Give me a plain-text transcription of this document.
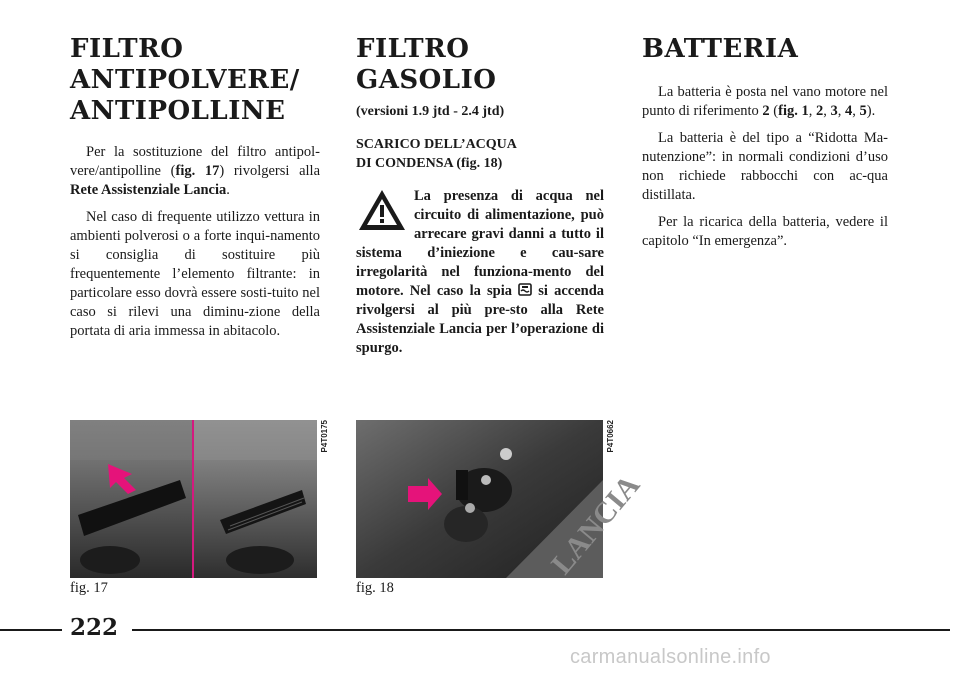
FILTRO
ANTIPOLVERE/
ANTIPOLLINE

Per la sostituzione del filtro antipol-vere/antipolline (fig. 17) rivolgersi alla Rete Assistenziale Lancia.

Nel caso di frequente utilizzo vettura in ambienti polverosi o a forte inqui-namento si consiglia di sostituire più frequentemente l’elemento filtrante: in particolare esso dovrà essere sosti-tuito nel caso si rilevi una diminu-zione della portata di aria immessa in abitacolo.

FILTRO GASOLIO

(versioni 1.9 jtd - 2.4 jtd)

SCARICO DELL’ACQUA
DI CONDENSA (fig. 18)

La presenza di acqua nel circuito di alimentazione, può arrecare gravi danni a tutto il sistema d’iniezione e cau-sare irregolarità nel funziona-mento del motore. Nel caso la spia si accenda rivolgersi al più pre-sto alla Rete Assistenziale Lancia per l’operazione di spurgo.

BATTERIA

La batteria è posta nel vano motore nel punto di riferimento 2 (fig. 1, 2, 3, 4, 5).

La batteria è del tipo a “Ridotta Ma-nutenzione”: in normali condizioni d’uso non richiede rabbocchi con ac-qua distillata.

Per la ricarica della batteria, vedere il capitolo “In emergenza”.

P4T0175
LANCIA
P4T0662
fig. 17	fig. 18
222
carmanualsonline.info
